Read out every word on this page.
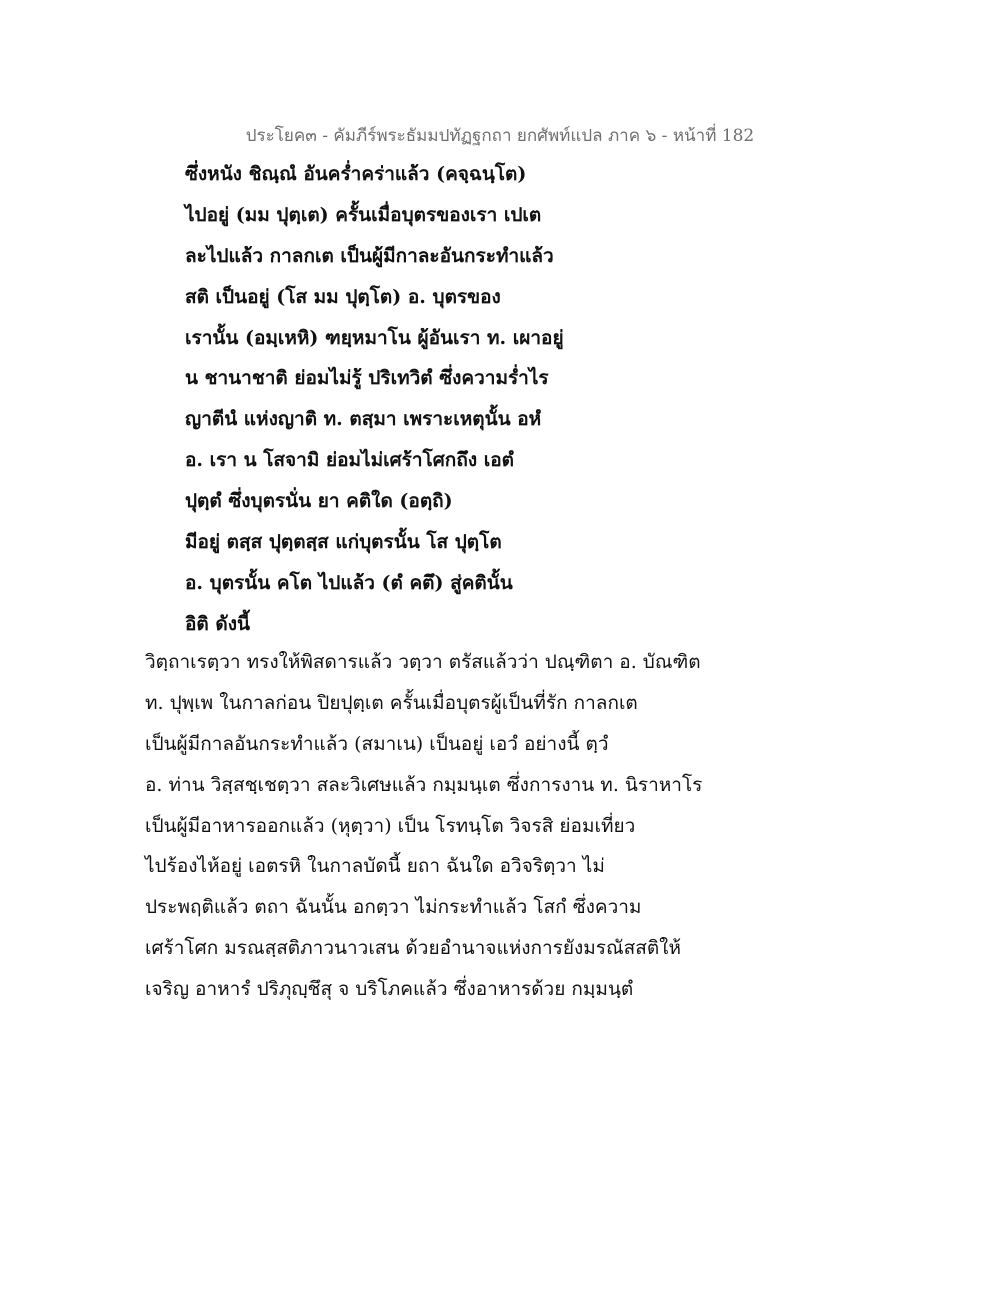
ประโยค๓ - คัมภีร์พระธัมมปทัฏฐกถา ยกศัพท์แปล ภาค ๖ - หน้าที่ 182
ซึ่งหนัง ชิณฺณํ อันคร่ำคร่าแล้ว (คจฺฉนฺโต)
ไปอยู่ (มม ปุตฺเต) ครั้นเมื่อบุตรของเรา เปเต
ละไปแล้ว กาลกเต เป็นผู้มีกาละอันกระทำแล้ว
สติ เป็นอยู่ (โส มม ปุตฺโต) อ. บุตรของ
เรานั้น (อมฺเหหิ) ฑยฺหมาโน ผู้อันเรา ท. เผาอยู่
น ชานาชาติ ย่อมไม่รู้ ปริเทวิตํ ซึ่งความร่ำไร
ญาตีนํ แห่งญาติ ท. ตสฺมา เพราะเหตุนั้น อหํ
อ. เรา น โสจามิ ย่อมไม่เศร้าโศกถึง เอตํ
ปุตฺตํ ซึ่งบุตรนั่น ยา คติใด (อตฺถิ)
มีอยู่ ตสฺส ปุตฺตสฺส แก่บุตรนั้น โส ปุตฺโต
อ. บุตรนั้น คโต ไปแล้ว (ตํ คตึ) สู่คตินั้น
อิติ ดังนี้
วิตฺถาเรตฺวา ทรงให้พิสดารแล้ว วตฺวา ตรัสแล้วว่า ปณฺฑิตา อ. บัณฑิต
ท. ปุพฺเพ ในกาลก่อน ปิยปุตฺเต ครั้นเมื่อบุตรผู้เป็นที่รัก กาลกเต
เป็นผู้มีกาลอันกระทำแล้ว (สมาเน) เป็นอยู่ เอวํ อย่างนี้ ตฺวํ
อ. ท่าน วิสฺสชฺเชตฺวา สละวิเศษแล้ว กมฺมนฺเต ซึ่งการงาน ท. นิราหาโร
เป็นผู้มีอาหารออกแล้ว (หุตฺวา) เป็น โรทนฺโต วิจรสิ ย่อมเที่ยว
ไปร้องไห้อยู่ เอตรหิ ในกาลบัดนี้ ยถา ฉันใด อวิจริตฺวา ไม่
ประพฤติแล้ว ตถา ฉันนั้น อกตฺวา ไม่กระทำแล้ว โสกํ ซึ่งความ
เศร้าโศก มรณสฺสติภาวนาวเสน ด้วยอำนาจแห่งการยังมรณัสสติให้
เจริญ อาหารํ ปริภุญฺชึสุ จ บริโภคแล้ว ซึ่งอาหารด้วย กมฺมนฺตํ
